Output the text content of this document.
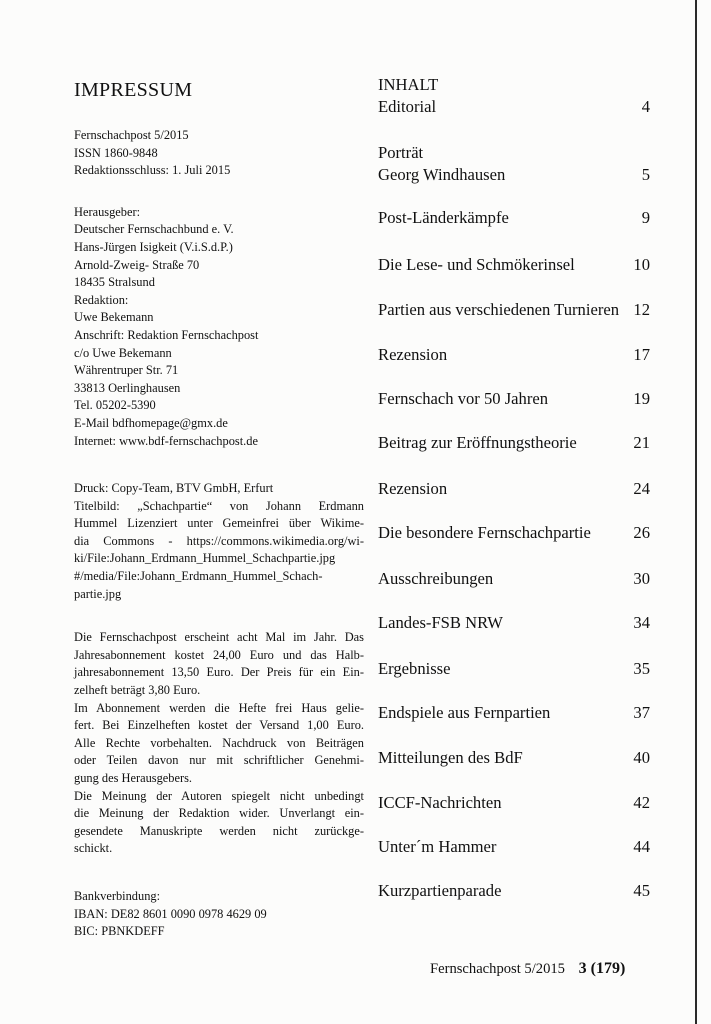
IMPRESSUM
Fernschachpost 5/2015
ISSN 1860-9848
Redaktionsschluss: 1. Juli 2015
Herausgeber:
Deutscher Fernschachbund e. V.
Hans-Jürgen Isigkeit (V.i.S.d.P.)
Arnold-Zweig- Straße 70
18435 Stralsund
Redaktion:
Uwe Bekemann
Anschrift: Redaktion Fernschachpost
c/o Uwe Bekemann
Währentruper Str. 71
33813 Oerlinghausen
Tel. 05202-5390
E-Mail bdfhomepage@gmx.de
Internet: www.bdf-fernschachpost.de
Druck: Copy-Team, BTV GmbH, Erfurt
Titelbild: „Schachpartie“ von Johann Erdmann
Hummel Lizenziert unter Gemeinfrei über Wikime-
dia Commons - https://commons.wikimedia.org/wi-
ki/File:Johann_Erdmann_Hummel_Schachpartie.jpg
#/media/File:Johann_Erdmann_Hummel_Schach-
partie.jpg
Die Fernschachpost erscheint acht Mal im Jahr. Das
Jahresabonnement kostet 24,00 Euro und das Halb-
jahresabonnement 13,50 Euro. Der Preis für ein Ein-
zelheft beträgt 3,80 Euro.
Im Abonnement werden die Hefte frei Haus gelie-
fert. Bei Einzelheften kostet der Versand 1,00 Euro.
Alle Rechte vorbehalten. Nachdruck von Beiträgen
oder Teilen davon nur mit schriftlicher Genehmi-
gung des Herausgebers.
Die Meinung der Autoren spiegelt nicht unbedingt
die Meinung der Redaktion wider. Unverlangt ein-
gesendete Manuskripte werden nicht zurückge-
schickt.
Bankverbindung:
IBAN: DE82 8601 0090 0978 4629 09
BIC: PBNKDEFF
INHALT
Editorial	4
Porträt
Georg Windhausen	5
Post-Länderkämpfe	9
Die Lese- und Schmökerinsel	10
Partien aus verschiedenen Turnieren 12
Rezension	17
Fernschach vor 50 Jahren	19
Beitrag zur Eröffnungstheorie	21
Rezension	24
Die besondere Fernschachpartie	26
Ausschreibungen	30
Landes-FSB NRW	34
Ergebnisse	35
Endspiele aus Fernpartien	37
Mitteilungen des BdF	40
ICCF-Nachrichten	42
Unter´m Hammer	44
Kurzpartienparade	45
Fernschachpost 5/2015 3 (179)
